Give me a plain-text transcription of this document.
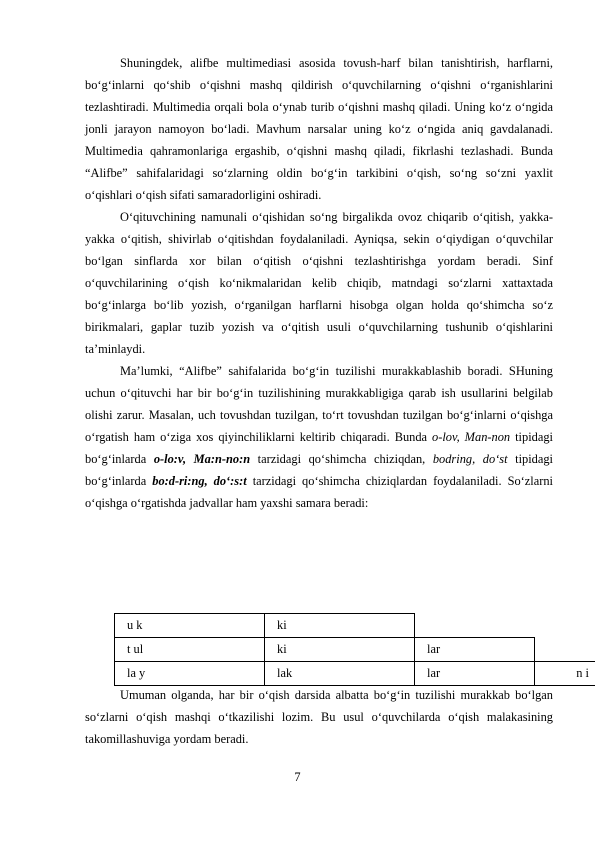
Shuningdek, alifbe multimediasi asosida tovush-harf bilan tanishtirish, harflarni, bo‘g‘inlarni qo‘shib o‘qishni mashq qildirish o‘quvchilarning o‘qishni o‘rganishlarini tezlashtiradi. Multimedia orqali bola o‘ynab turib o‘qishni mashq qiladi. Uning ko‘z o‘ngida jonli jarayon namoyon bo‘ladi. Mavhum narsalar uning ko‘z o‘ngida aniq gavdalanadi. Multimedia qahramonlariga ergashib, o‘qishni mashq qiladi, fikrlashi tezlashadi. Bunda “Alifbe” sahifalaridagi so‘zlarning oldin bo‘g‘in tarkibini o‘qish, so‘ng so‘zni yaxlit o‘qishlari o‘qish sifati samaradorligini oshiradi.

O‘qituvchining namunali o‘qishidan so‘ng birgalikda ovoz chiqarib o‘qitish, yakka-yakka o‘qitish, shivirlab o‘qitishdan foydalaniladi. Ayniqsa, sekin o‘qiydigan o‘quvchilar bo‘lgan sinflarda xor bilan o‘qitish o‘qishni tezlashtirishga yordam beradi. Sinf o‘quvchilarining o‘qish ko‘nikmalaridan kelib chiqib, matndagi so‘zlarni xattaxtada bo‘g‘inlarga bo‘lib yozish, o‘rganilgan harflarni hisobga olgan holda qo‘shimcha so‘z birikmalari, gaplar tuzib yozish va o‘qitish usuli o‘quvchilarning tushunib o‘qishlarini ta’minlaydi.

Ma’lumki, “Alifbe” sahifalarida bo‘g‘in tuzilishi murakkablashib boradi. SHuning uchun o‘qituvchi har bir bo‘g‘in tuzilishining murakkabligiga qarab ish usullarini belgilab olishi zarur. Masalan, uch tovushdan tuzilgan, to‘rt tovushdan tuzilgan bo‘g‘inlarni o‘qishga o‘rgatish ham o‘ziga xos qiyinchiliklarni keltirib chiqaradi. Bunda o-lov, Man-non tipidagi bo‘g‘inlarda o-lo:v, Ma:n-no:n tarzidagi qo‘shimcha chiziqdan, bodring, do‘st tipidagi bo‘g‘inlarda bo:d-ri:ng, do‘:s:t tarzidagi qo‘shimcha chiziqlardan foydalaniladi. So‘zlarni o‘qishga o‘rgatishda jadvallar ham yaxshi samara beradi:

u k	ki
t ul	ki	lar
la y	lak	lar	n i

Umuman olganda, har bir o‘qish darsida albatta bo‘g‘in tuzilishi murakkab bo‘lgan so‘zlarni o‘qish mashqi o‘tkazilishi lozim. Bu usul o‘quvchilarda o‘qish malakasining takomillashuviga yordam beradi.

7
